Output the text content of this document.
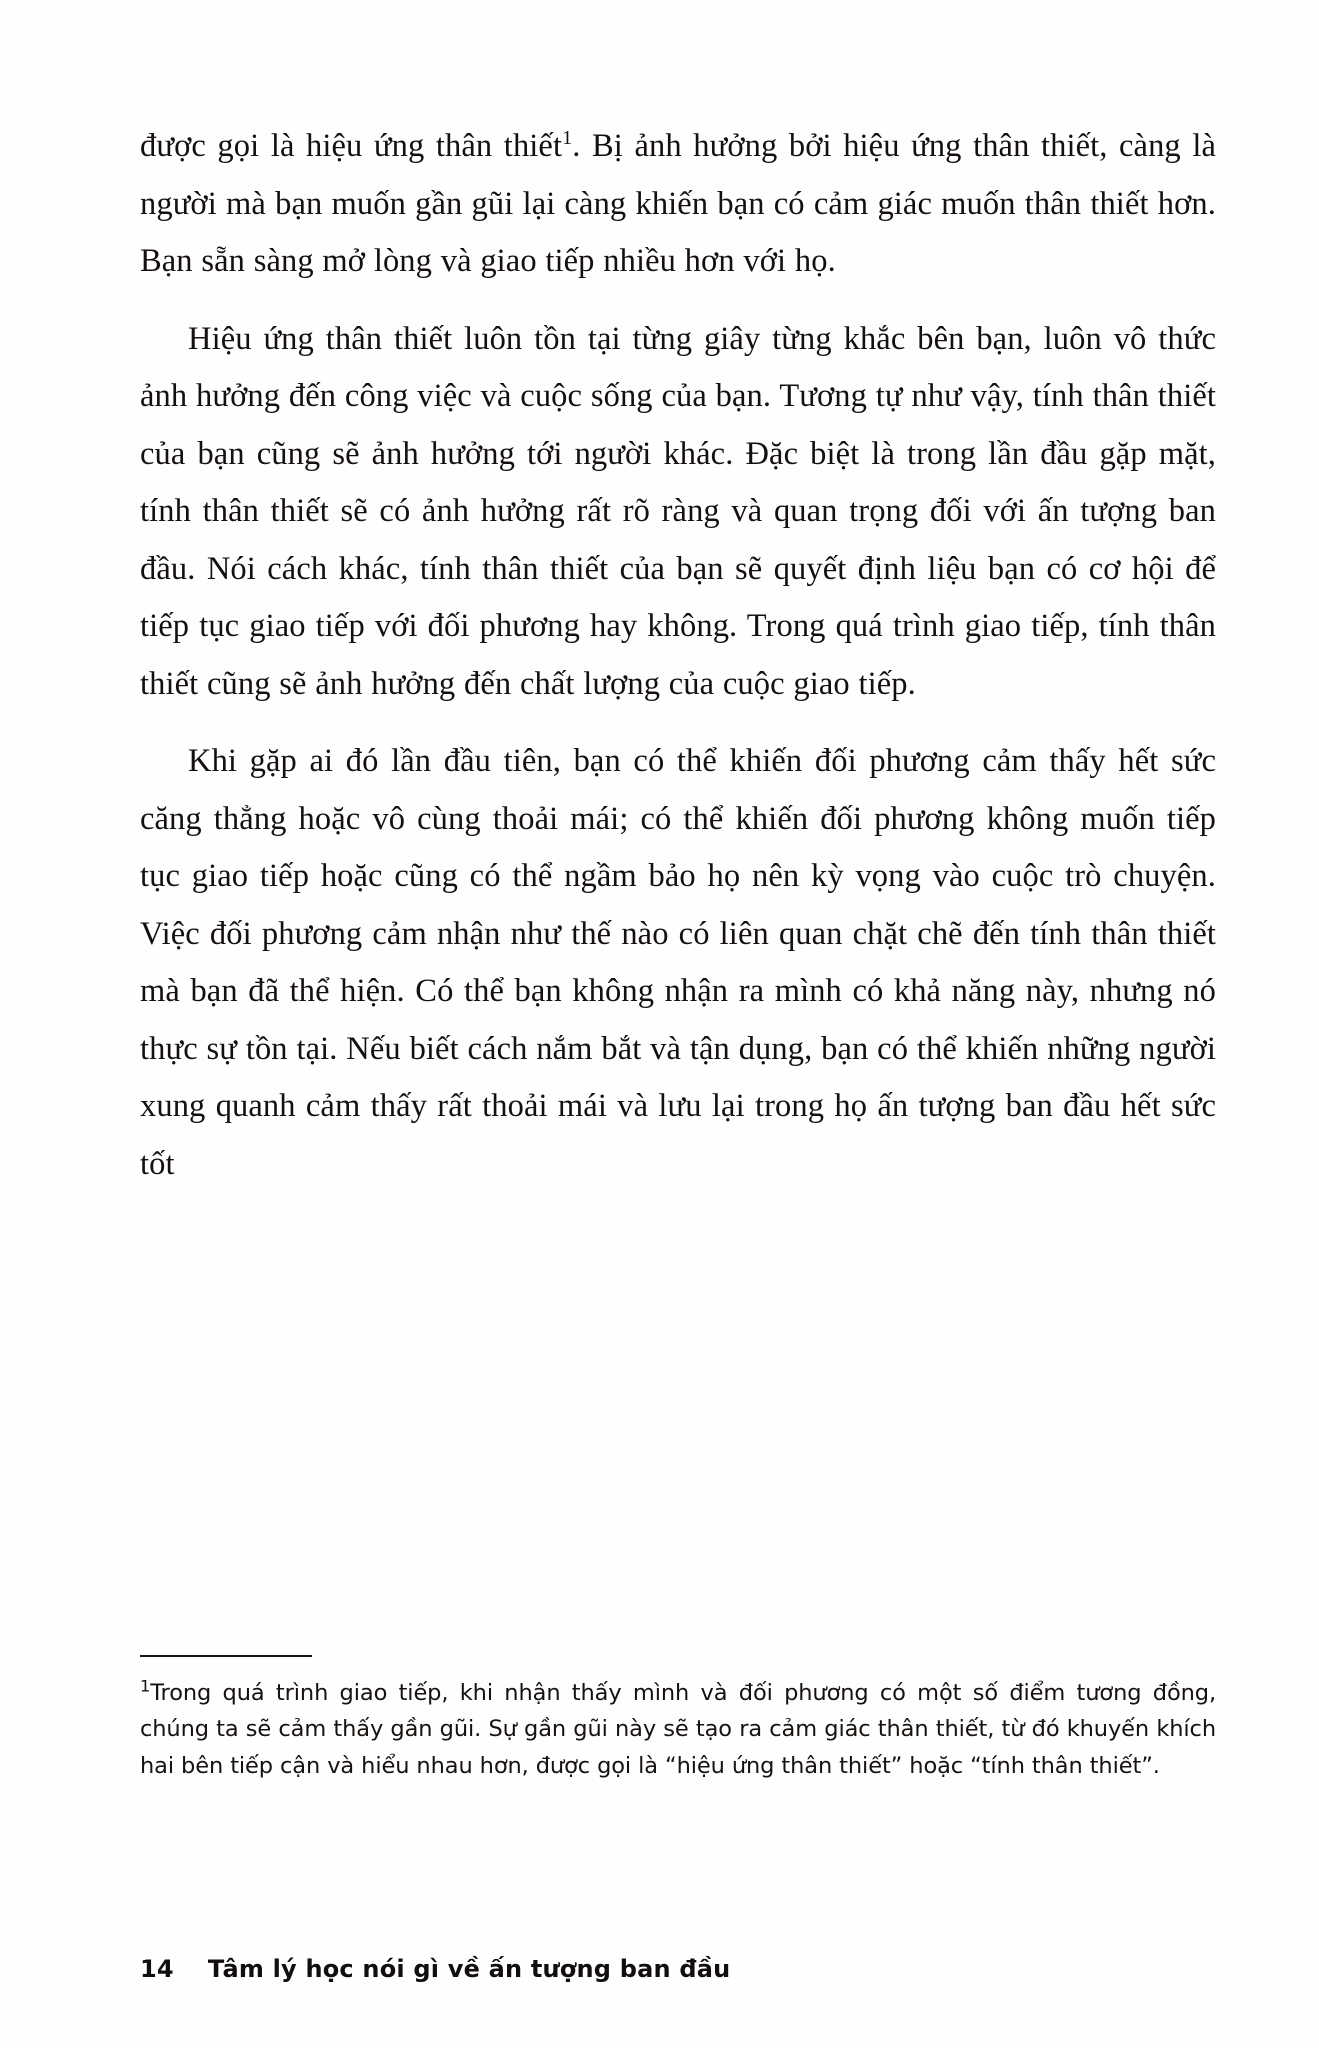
được gọi là hiệu ứng thân thiết$^1$. Bị ảnh hưởng bởi hiệu ứng thân thiết, càng là người mà bạn muốn gần gũi lại càng khiến bạn có cảm giác muốn thân thiết hơn. Bạn sẵn sàng mở lòng và giao tiếp nhiều hơn với họ.

Hiệu ứng thân thiết luôn tồn tại từng giây từng khắc bên bạn, luôn vô thức ảnh hưởng đến công việc và cuộc sống của bạn. Tương tự như vậy, tính thân thiết của bạn cũng sẽ ảnh hưởng tới người khác. Đặc biệt là trong lần đầu gặp mặt, tính thân thiết sẽ có ảnh hưởng rất rõ ràng và quan trọng đối với ấn tượng ban đầu. Nói cách khác, tính thân thiết của bạn sẽ quyết định liệu bạn có cơ hội để tiếp tục giao tiếp với đối phương hay không. Trong quá trình giao tiếp, tính thân thiết cũng sẽ ảnh hưởng đến chất lượng của cuộc giao tiếp.

Khi gặp ai đó lần đầu tiên, bạn có thể khiến đối phương cảm thấy hết sức căng thẳng hoặc vô cùng thoải mái; có thể khiến đối phương không muốn tiếp tục giao tiếp hoặc cũng có thể ngầm bảo họ nên kỳ vọng vào cuộc trò chuyện. Việc đối phương cảm nhận như thế nào có liên quan chặt chẽ đến tính thân thiết mà bạn đã thể hiện. Có thể bạn không nhận ra mình có khả năng này, nhưng nó thực sự tồn tại. Nếu biết cách nắm bắt và tận dụng, bạn có thể khiến những người xung quanh cảm thấy rất thoải mái và lưu lại trong họ ấn tượng ban đầu hết sức tốt

$^1$Trong quá trình giao tiếp, khi nhận thấy mình và đối phương có một số điểm tương đồng, chúng ta sẽ cảm thấy gần gũi. Sự gần gũi này sẽ tạo ra cảm giác thân thiết, từ đó khuyến khích hai bên tiếp cận và hiểu nhau hơn, được gọi là “hiệu ứng thân thiết” hoặc “tính thân thiết”.

14 Tâm lý học nói gì về ấn tượng ban đầu
